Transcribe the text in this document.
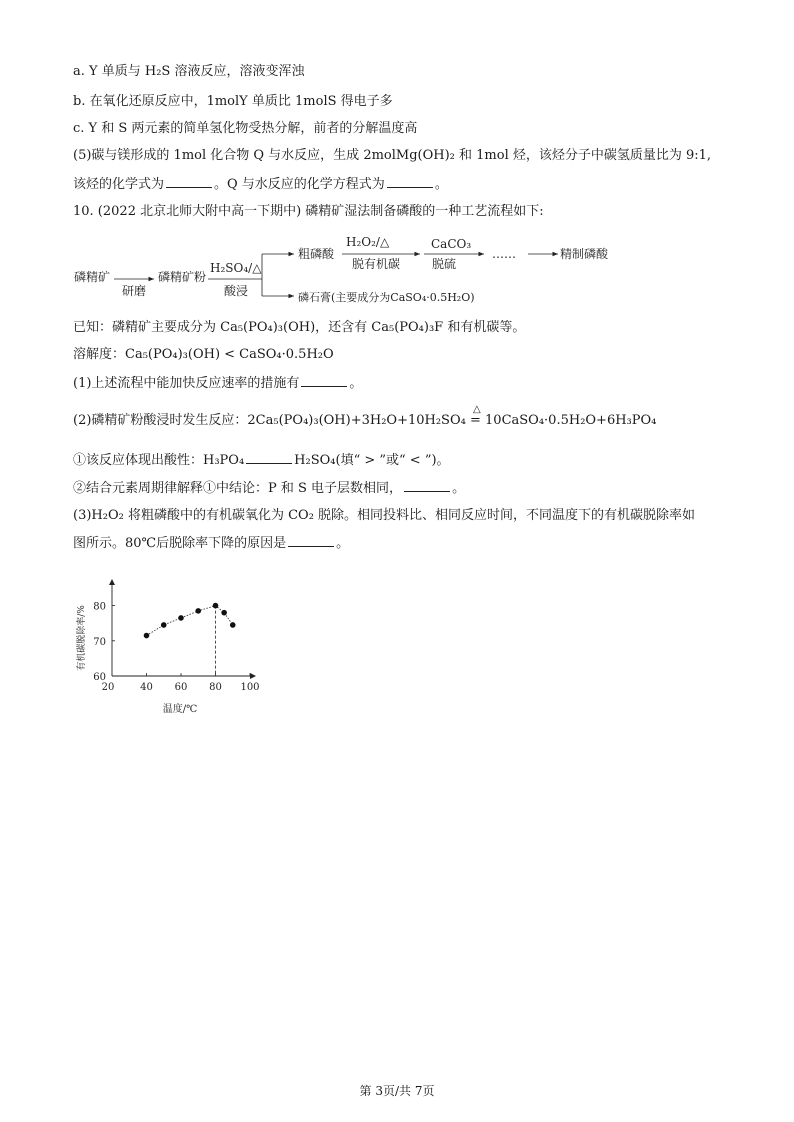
a. Y 单质与 H₂S 溶液反应，溶液变浑浊
b. 在氧化还原反应中，1molY 单质比 1molS 得电子多
c. Y 和 S 两元素的简单氢化物受热分解，前者的分解温度高
(5)碳与镁形成的 1mol 化合物 Q 与水反应，生成 2molMg(OH)₂ 和 1mol 烃，该烃分子中碳氢质量比为 9:1,
该烃的化学式为	。Q 与水反应的化学方程式为	。
10. (2022 北京北师大附中高一下期中) 磷精矿湿法制备磷酸的一种工艺流程如下:
磷精矿
研磨
磷精矿粉
H₂SO₄/△
酸浸
粗磷酸
H₂O₂/△
脱有机碳
CaCO₃
脱硫
……	精制磷酸
磷石膏(主要成分为CaSO₄·0.5H₂O)
已知：磷精矿主要成分为 Ca₅(PO₄)₃(OH)，还含有 Ca₅(PO₄)₃F 和有机碳等。
溶解度：Ca₅(PO₄)₃(OH) < CaSO₄·0.5H₂O
(1)上述流程中能加快反应速率的措施有	。
(2)磷精矿粉酸浸时发生反应：2Ca₅(PO₄)₃(OH)+3H₂O+10H₂SO₄
△
= 10CaSO₄·0.5H₂O+6H₃PO₄
①该反应体现出酸性：H₃PO₄	H₂SO₄(填“ > ”或“ < ”)。
②结合元素周期律解释①中结论：P 和 S 电子层数相同，	。
(3)H₂O₂ 将粗磷酸中的有机碳氧化为 CO₂ 脱除。相同投料比、相同反应时间，不同温度下的有机碳脱除率如
图所示。80℃后脱除率下降的原因是	。
有机碳脱除率/%
温度/℃
20	40 60 80 100
60
70
80
第 3页/共 7页
